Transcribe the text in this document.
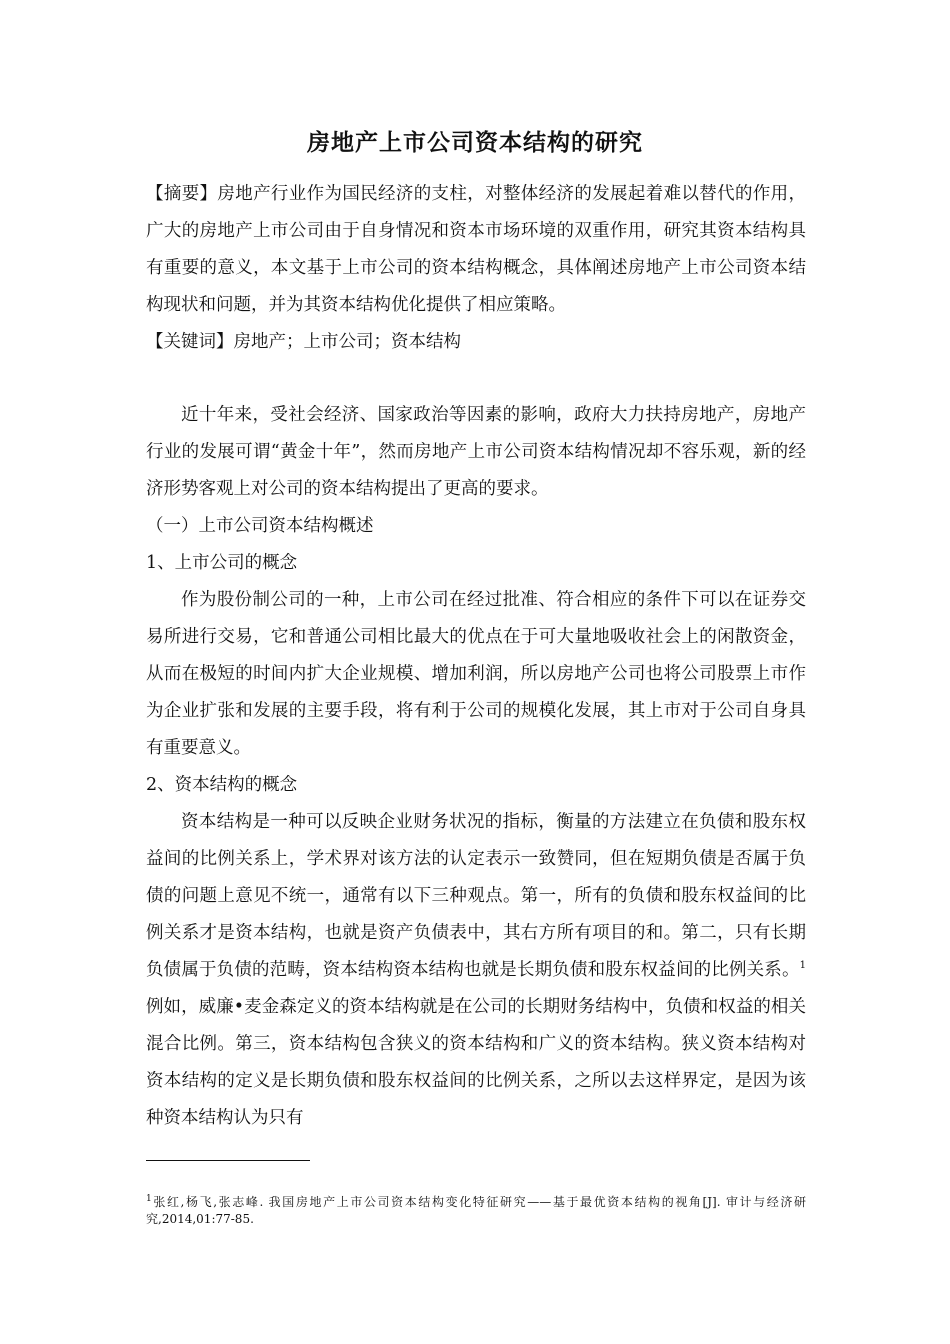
房地产上市公司资本结构的研究

【摘要】房地产行业作为国民经济的支柱，对整体经济的发展起着难以替代的作用，广大的房地产上市公司由于自身情况和资本市场环境的双重作用，研究其资本结构具有重要的意义，本文基于上市公司的资本结构概念，具体阐述房地产上市公司资本结构现状和问题，并为其资本结构优化提供了相应策略。

【关键词】房地产；上市公司；资本结构

近十年来，受社会经济、国家政治等因素的影响，政府大力扶持房地产，房地产行业的发展可谓“黄金十年”，然而房地产上市公司资本结构情况却不容乐观，新的经济形势客观上对公司的资本结构提出了更高的要求。

（一）上市公司资本结构概述

1、上市公司的概念

作为股份制公司的一种，上市公司在经过批准、符合相应的条件下可以在证券交易所进行交易，它和普通公司相比最大的优点在于可大量地吸收社会上的闲散资金，从而在极短的时间内扩大企业规模、增加利润，所以房地产公司也将公司股票上市作为企业扩张和发展的主要手段，将有利于公司的规模化发展，其上市对于公司自身具有重要意义。

2、资本结构的概念

资本结构是一种可以反映企业财务状况的指标，衡量的方法建立在负债和股东权益间的比例关系上，学术界对该方法的认定表示一致赞同，但在短期负债是否属于负债的问题上意见不统一，通常有以下三种观点。第一，所有的负债和股东权益间的比例关系才是资本结构，也就是资产负债表中，其右方所有项目的和。第二，只有长期负债属于负债的范畴，资本结构资本结构也就是长期负债和股东权益间的比例关系。$^1$例如，威廉•麦金森定义的资本结构就是在公司的长期财务结构中，负债和权益的相关混合比例。第三，资本结构包含狭义的资本结构和广义的资本结构。狭义资本结构对资本结构的定义是长期负债和股东权益间的比例关系，之所以去这样界定，是因为该种资本结构认为只有

$^1$张红,杨飞,张志峰. 我国房地产上市公司资本结构变化特征研究——基于最优资本结构的视角[J]. 审计与经济研究,2014,01:77-85.
